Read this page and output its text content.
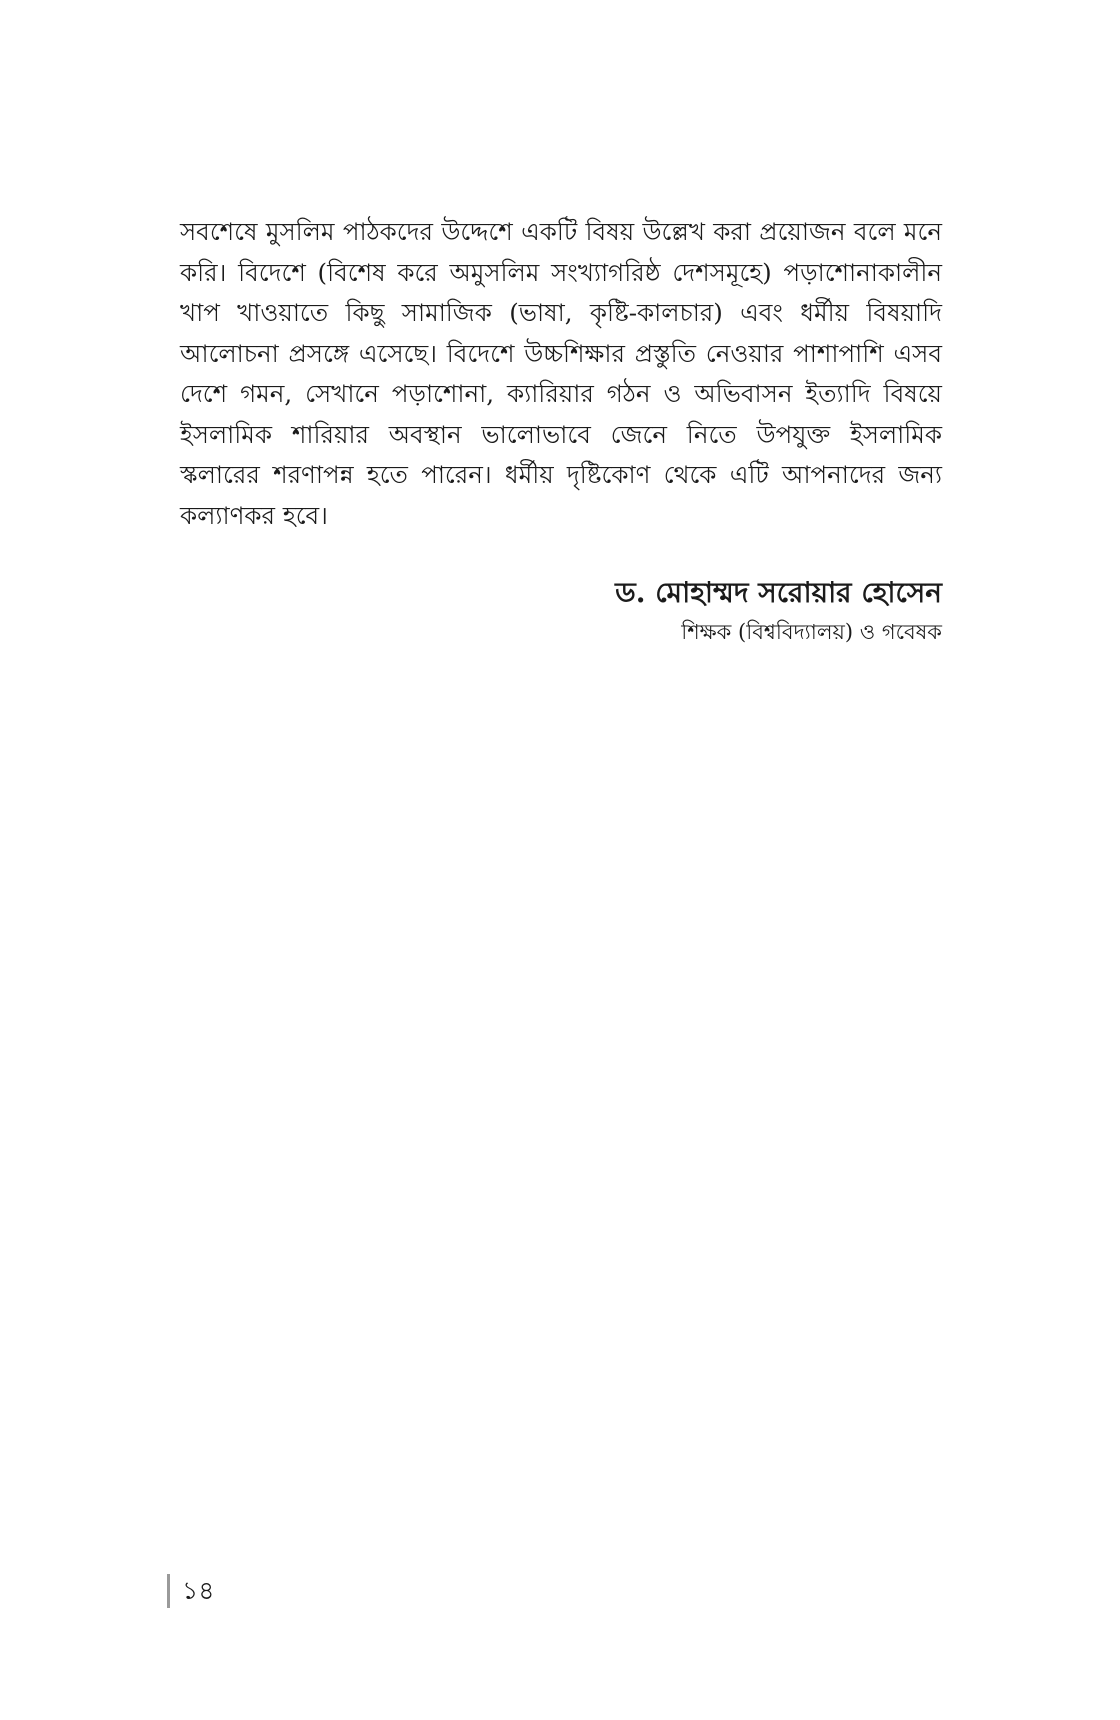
সবশেষে মুসলিম পাঠকদের উদ্দেশে একটি বিষয় উল্লেখ করা প্রয়োজন বলে মনে করি। বিদেশে (বিশেষ করে অমুসলিম সংখ্যাগরিষ্ঠ দেশসমূহে) পড়াশোনাকালীন খাপ খাওয়াতে কিছু সামাজিক (ভাষা, কৃষ্টি-কালচার) এবং ধর্মীয় বিষয়াদি আলোচনা প্রসঙ্গে এসেছে। বিদেশে উচ্চশিক্ষার প্রস্তুতি নেওয়ার পাশাপাশি এসব দেশে গমন, সেখানে পড়াশোনা, ক্যারিয়ার গঠন ও অভিবাসন ইত্যাদি বিষয়ে ইসলামিক শারিয়ার অবস্থান ভালোভাবে জেনে নিতে উপযুক্ত ইসলামিক স্কলারের শরণাপন্ন হতে পারেন। ধর্মীয় দৃষ্টিকোণ থেকে এটি আপনাদের জন্য কল্যাণকর হবে।

ড. মোহাম্মদ সরোয়ার হোসেন

শিক্ষক (বিশ্ববিদ্যালয়) ও গবেষক

১৪
